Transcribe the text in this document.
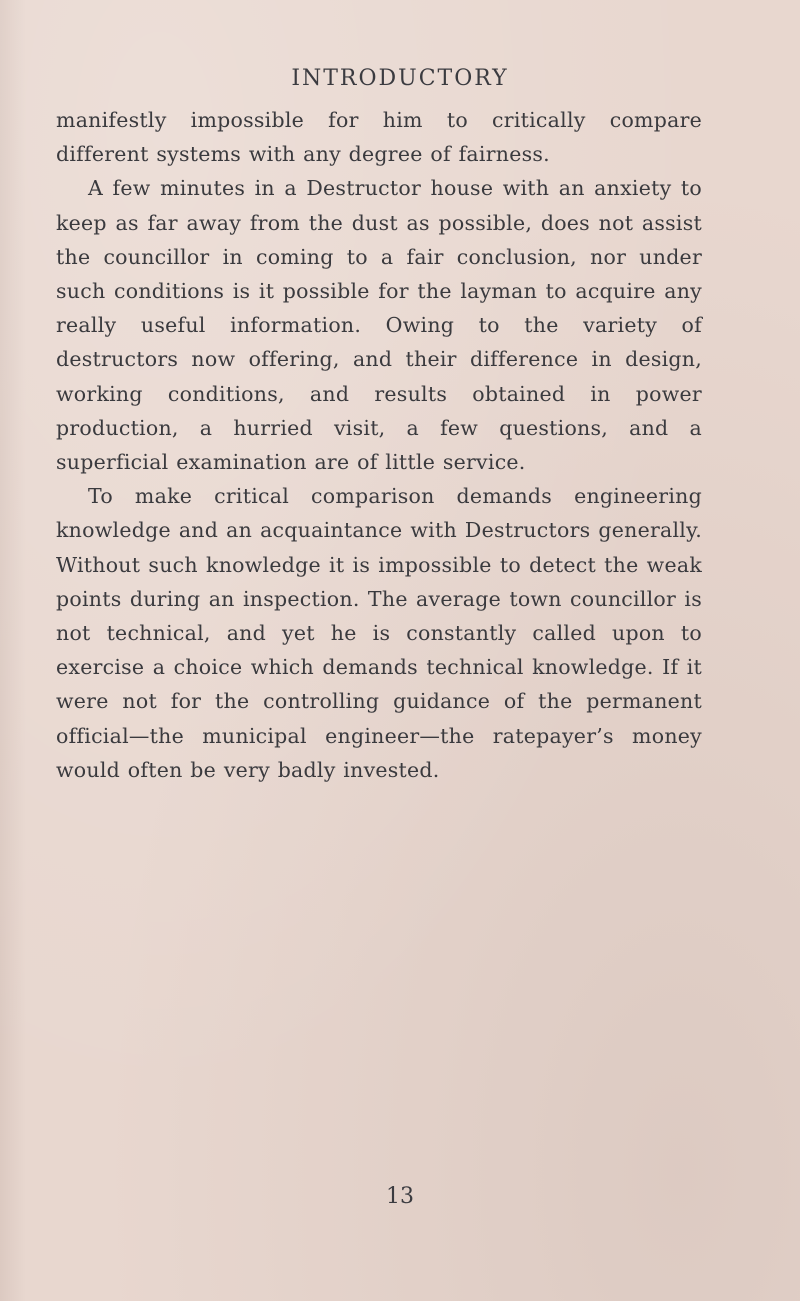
INTRODUCTORY

manifestly impossible for him to critically compare different systems with any degree of fairness.

A few minutes in a Destructor house with an anxiety to keep as far away from the dust as possible, does not assist the councillor in coming to a fair conclusion, nor under such conditions is it possible for the layman to acquire any really useful information. Owing to the variety of destructors now offering, and their difference in design, working conditions, and results obtained in power production, a hurried visit, a few questions, and a superficial examination are of little service.

To make critical comparison demands engineering knowledge and an acquaintance with Destructors generally. Without such knowledge it is impossible to detect the weak points during an inspection. The average town councillor is not technical, and yet he is constantly called upon to exercise a choice which demands technical knowledge. If it were not for the controlling guidance of the permanent official—the municipal engineer—the ratepayer’s money would often be very badly invested.

13
